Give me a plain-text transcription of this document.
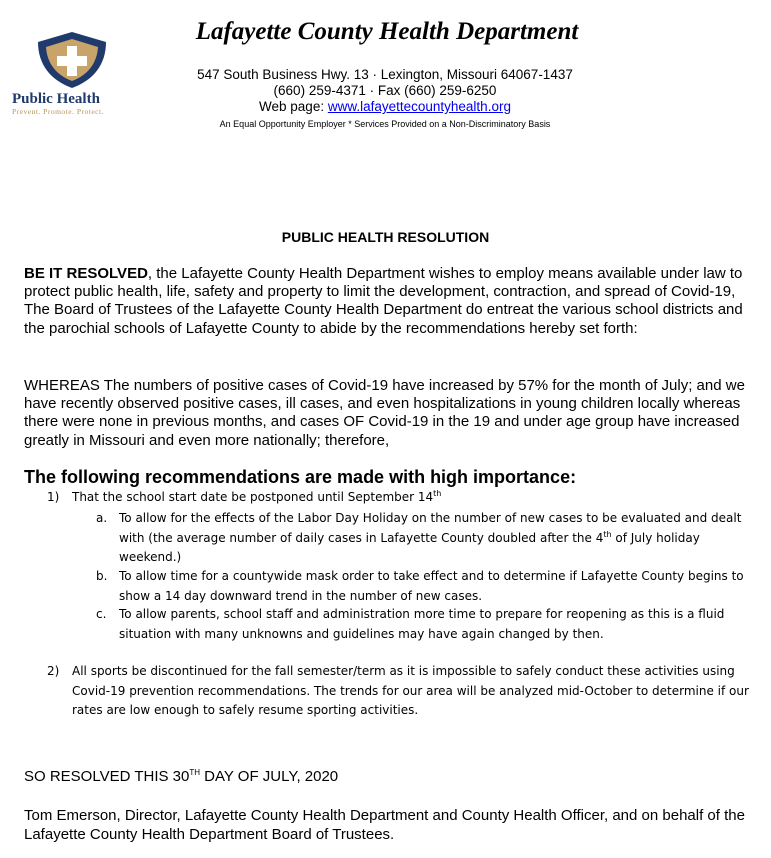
Public Health
Prevent. Promote. Protect.
Lafayette County Health Department
547 South Business Hwy. 13 · Lexington, Missouri 64067-1437
(660) 259-4371 · Fax (660) 259-6250
Web page: www.lafayettecountyhealth.org
An Equal Opportunity Employer * Services Provided on a Non-Discriminatory Basis
PUBLIC HEALTH RESOLUTION
BE IT RESOLVED, the Lafayette County Health Department wishes to employ means available under law to protect public health, life, safety and property to limit the development, contraction, and spread of Covid-19, The Board of Trustees of the Lafayette County Health Department do entreat the various school districts and the parochial schools of Lafayette County to abide by the recommendations hereby set forth:
WHEREAS The numbers of positive cases of Covid-19 have increased by 57% for the month of July; and we have recently observed positive cases, ill cases, and even hospitalizations in young children locally whereas there were none in previous months, and cases OF Covid-19 in the 19 and under age group have increased greatly in Missouri and even more nationally; therefore,
The following recommendations are made with high importance:
1) That the school start date be postponed until September 14th
a. To allow for the effects of the Labor Day Holiday on the number of new cases to be evaluated and dealt with (the average number of daily cases in Lafayette County doubled after the 4th of July holiday weekend.)
b. To allow time for a countywide mask order to take effect and to determine if Lafayette County begins to show a 14 day downward trend in the number of new cases.
c. To allow parents, school staff and administration more time to prepare for reopening as this is a fluid situation with many unknowns and guidelines may have again changed by then.
2) All sports be discontinued for the fall semester/term as it is impossible to safely conduct these activities using Covid-19 prevention recommendations. The trends for our area will be analyzed mid-October to determine if our rates are low enough to safely resume sporting activities.
SO RESOLVED THIS 30TH DAY OF JULY, 2020
Tom Emerson, Director, Lafayette County Health Department and County Health Officer, and on behalf of the Lafayette County Health Department Board of Trustees.
